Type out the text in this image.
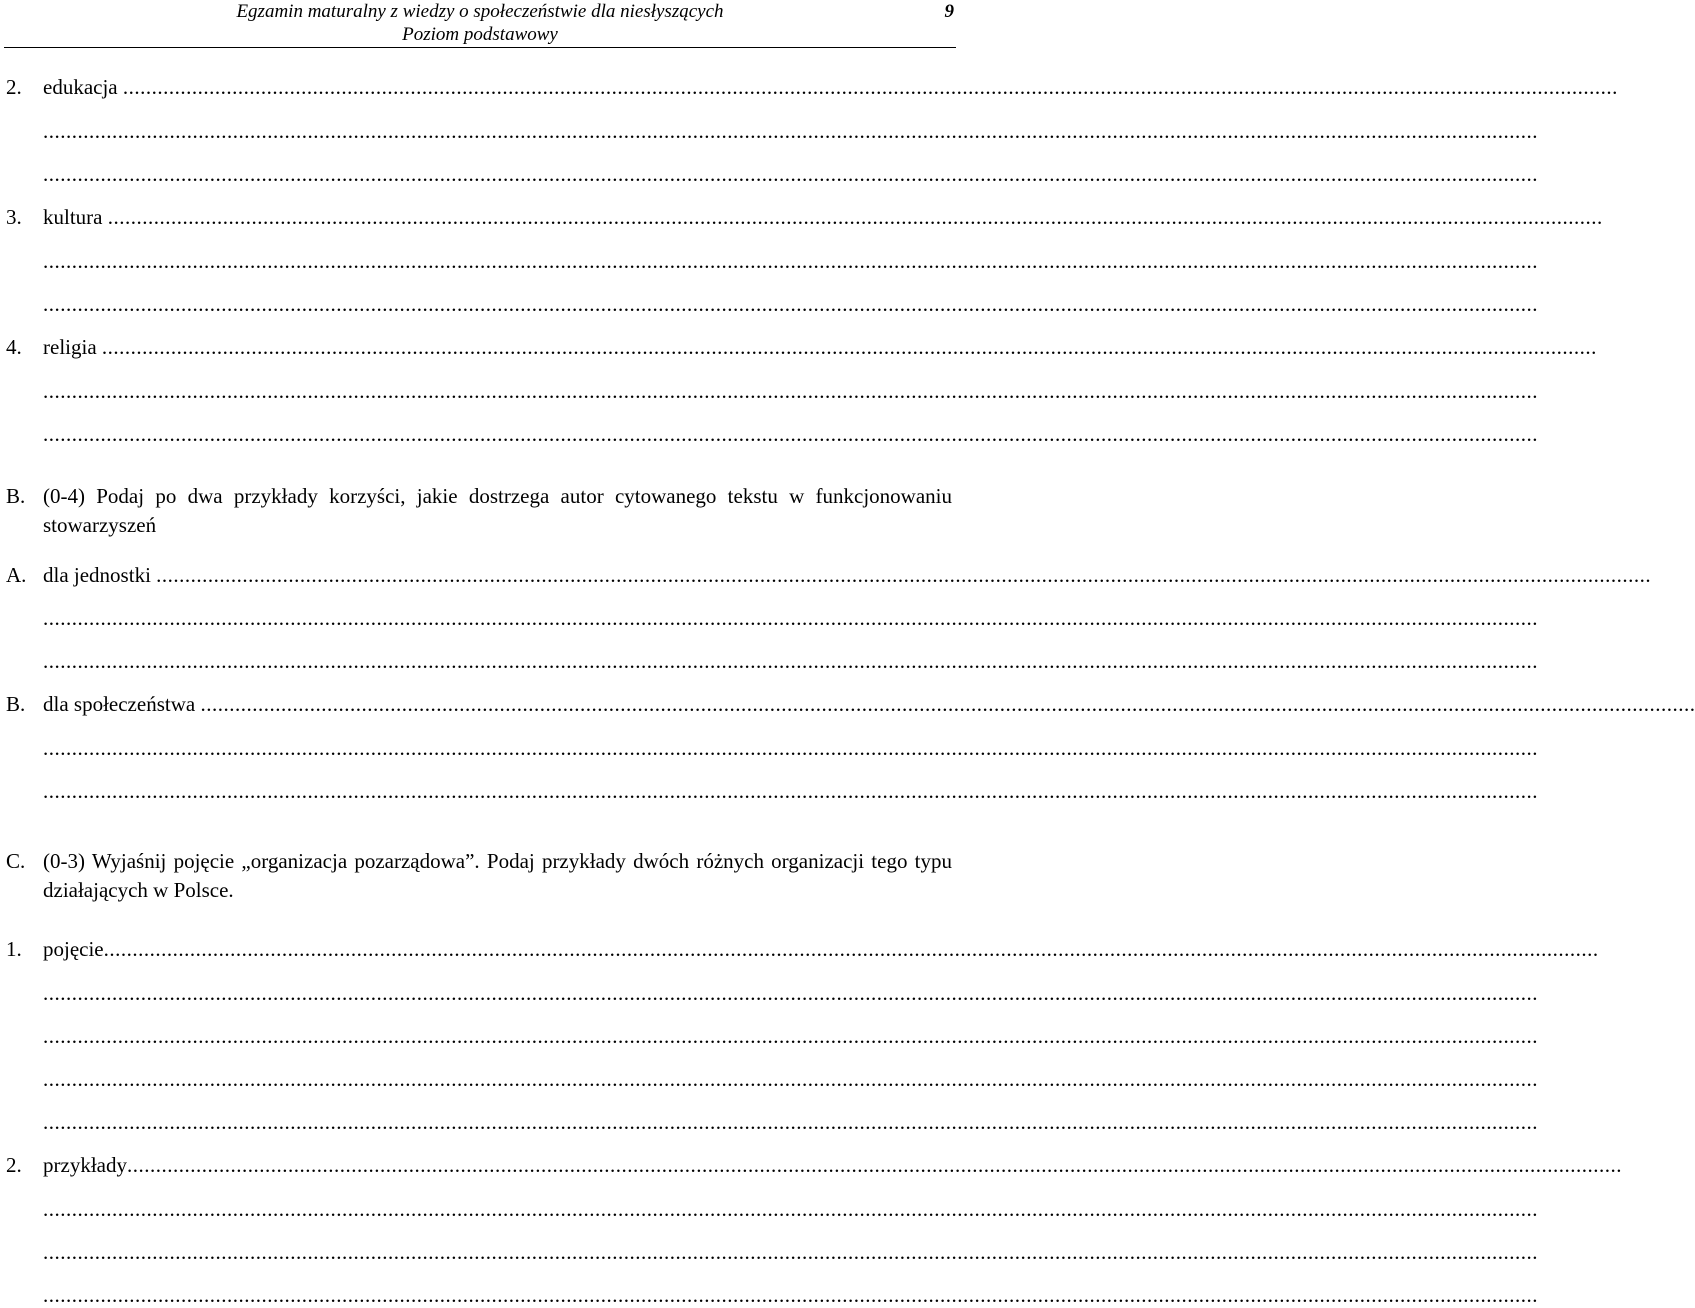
Egzamin maturalny z wiedzy o społeczeństwie dla niesłyszących
Poziom podstawowy
9
2. edukacja ....................................................................................................................................................................................................................................................................
....................................................................................................................................................................................................................................................................
....................................................................................................................................................................................................................................................................
3. kultura ....................................................................................................................................................................................................................................................................
....................................................................................................................................................................................................................................................................
....................................................................................................................................................................................................................................................................
4. religia ....................................................................................................................................................................................................................................................................
....................................................................................................................................................................................................................................................................
....................................................................................................................................................................................................................................................................
B. (0-4) Podaj po dwa przykłady korzyści, jakie dostrzega autor cytowanego tekstu w funkcjonowaniu stowarzyszeń
A. dla jednostki ....................................................................................................................................................................................................................................................................
....................................................................................................................................................................................................................................................................
....................................................................................................................................................................................................................................................................
B. dla społeczeństwa ....................................................................................................................................................................................................................................................................
....................................................................................................................................................................................................................................................................
....................................................................................................................................................................................................................................................................
C. (0-3) Wyjaśnij pojęcie „organizacja pozarządowa”. Podaj przykłady dwóch różnych organizacji tego typu działających w Polsce.
1. pojęcie....................................................................................................................................................................................................................................................................
....................................................................................................................................................................................................................................................................
....................................................................................................................................................................................................................................................................
....................................................................................................................................................................................................................................................................
....................................................................................................................................................................................................................................................................
2. przykłady....................................................................................................................................................................................................................................................................
....................................................................................................................................................................................................................................................................
....................................................................................................................................................................................................................................................................
....................................................................................................................................................................................................................................................................
